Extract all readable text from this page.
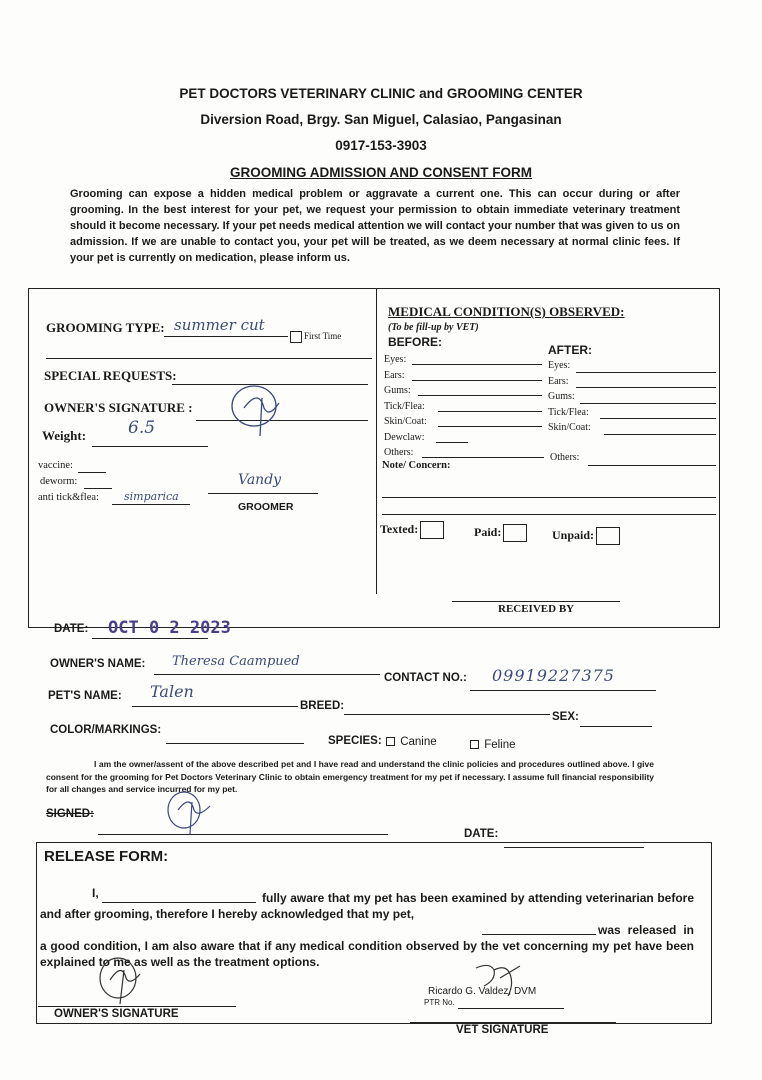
PET DOCTORS VETERINARY CLINIC and GROOMING CENTER
Diversion Road, Brgy. San Miguel, Calasiao, Pangasinan
0917-153-3903
GROOMING ADMISSION AND CONSENT FORM

Grooming can expose a hidden medical problem or aggravate a current one. This can occur during or after grooming. In the best interest for your pet, we request your permission to obtain immediate veterinary treatment should it become necessary. If your pet needs medical attention we will contact your number that was given to us on admission. If we are unable to contact you, your pet will be treated, as we deem necessary at normal clinic fees. If your pet is currently on medication, please inform us.

GROOMING TYPE: summer cut
First Time
SPECIAL REQUESTS:
OWNER'S SIGNATURE :
Weight: 6.5
vaccine:
deworm:
anti tick&flea: simparica
Vandy
GROOMER
MEDICAL CONDITION(S) OBSERVED:
(To be fill-up by VET)
BEFORE:
AFTER:
Eyes:
Ears:
Gums:
Tick/Flea:
Skin/Coat:
Dewclaw:
Others:
Eyes:
Ears:
Gums:
Tick/Flea:
Skin/Coat:
Others:
Note/ Concern:
Texted:	Paid:	Unpaid:
RECEIVED BY
DATE: OCT 0 2 2023
OWNER'S NAME: Theresa Caampued
CONTACT NO.: 09919227375
PET'S NAME: Talen
BREED:
SEX:
COLOR/MARKINGS:
SPECIES:	Canine	Feline

I am the owner/assent of the above described pet and I have read and understand the clinic policies and procedures outlined above. I give consent for the grooming for Pet Doctors Veterinary Clinic to obtain emergency treatment for my pet if necessary. I assume full financial responsibility for all changes and service incurred for my pet.

SIGNED:
DATE:
RELEASE FORM:
I,	fully aware that my pet has been examined by attending veterinarian before and after grooming, therefore I hereby acknowledged that my pet,

was released in a good condition, I am also aware that if any medical condition observed by the vet concerning my pet have been explained to me as well as the treatment options.

OWNER'S SIGNATURE
Ricardo G. Valdez, DVM
PTR No.
VET SIGNATURE
